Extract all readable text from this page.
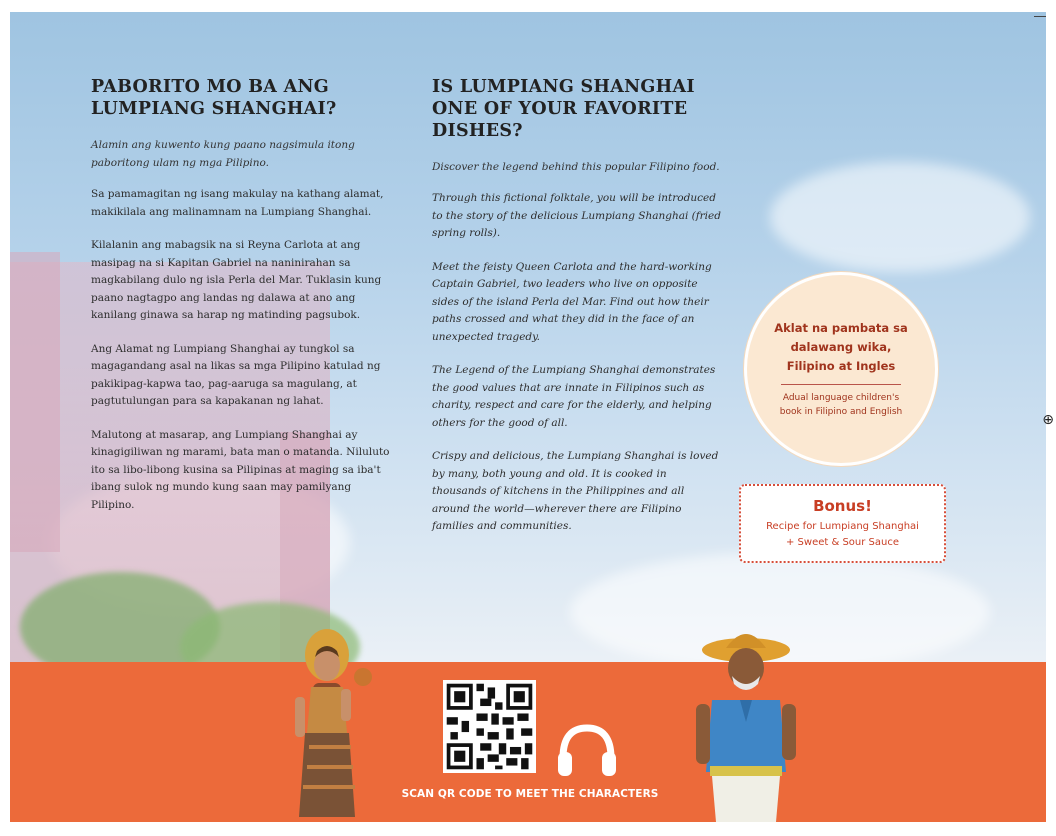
PABORITO MO BA ANG LUMPIANG SHANGHAI?

Alamin ang kuwento kung paano nagsimula itong paboritong ulam ng mga Pilipino.

Sa pamamagitan ng isang makulay na kathang alamat, makikilala ang malinamnam na Lumpiang Shanghai.

Kilalanin ang mabagsik na si Reyna Carlota at ang masipag na si Kapitan Gabriel na naninirahan sa magkabilang dulo ng isla Perla del Mar. Tuklasin kung paano nagtagpo ang landas ng dalawa at ano ang kanilang ginawa sa harap ng matinding pagsubok.

Ang Alamat ng Lumpiang Shanghai ay tungkol sa magagandang asal na likas sa mga Pilipino katulad ng pakikipag-kapwa tao, pag-aaruga sa magulang, at pagtutulungan para sa kapakanan ng lahat.

Malutong at masarap, ang Lumpiang Shanghai ay kinagigiliwan ng marami, bata man o matanda. Niluluto ito sa libo-libong kusina sa Pilipinas at maging sa iba't ibang sulok ng mundo kung saan may pamilyang Pilipino.

IS LUMPIANG SHANGHAI ONE OF YOUR FAVORITE DISHES?

Discover the legend behind this popular Filipino food.

Through this fictional folktale, you will be introduced to the story of the delicious Lumpiang Shanghai (fried spring rolls).

Meet the feisty Queen Carlota and the hard-working Captain Gabriel, two leaders who live on opposite sides of the island Perla del Mar. Find out how their paths crossed and what they did in the face of an unexpected tragedy.

The Legend of the Lumpiang Shanghai demonstrates the good values that are innate in Filipinos such as charity, respect and care for the elderly, and helping others for the good of all.

Crispy and delicious, the Lumpiang Shanghai is loved by many, both young and old. It is cooked in thousands of kitchens in the Philippines and all around the world—wherever there are Filipino families and communities.

Aklat na pambata sa dalawang wika, Filipino at Ingles
Adual language children's book in Filipino and English
Bonus!
Recipe for Lumpiang Shanghai
+ Sweet & Sour Sauce
SCAN QR CODE TO MEET THE CHARACTERS
⊕
